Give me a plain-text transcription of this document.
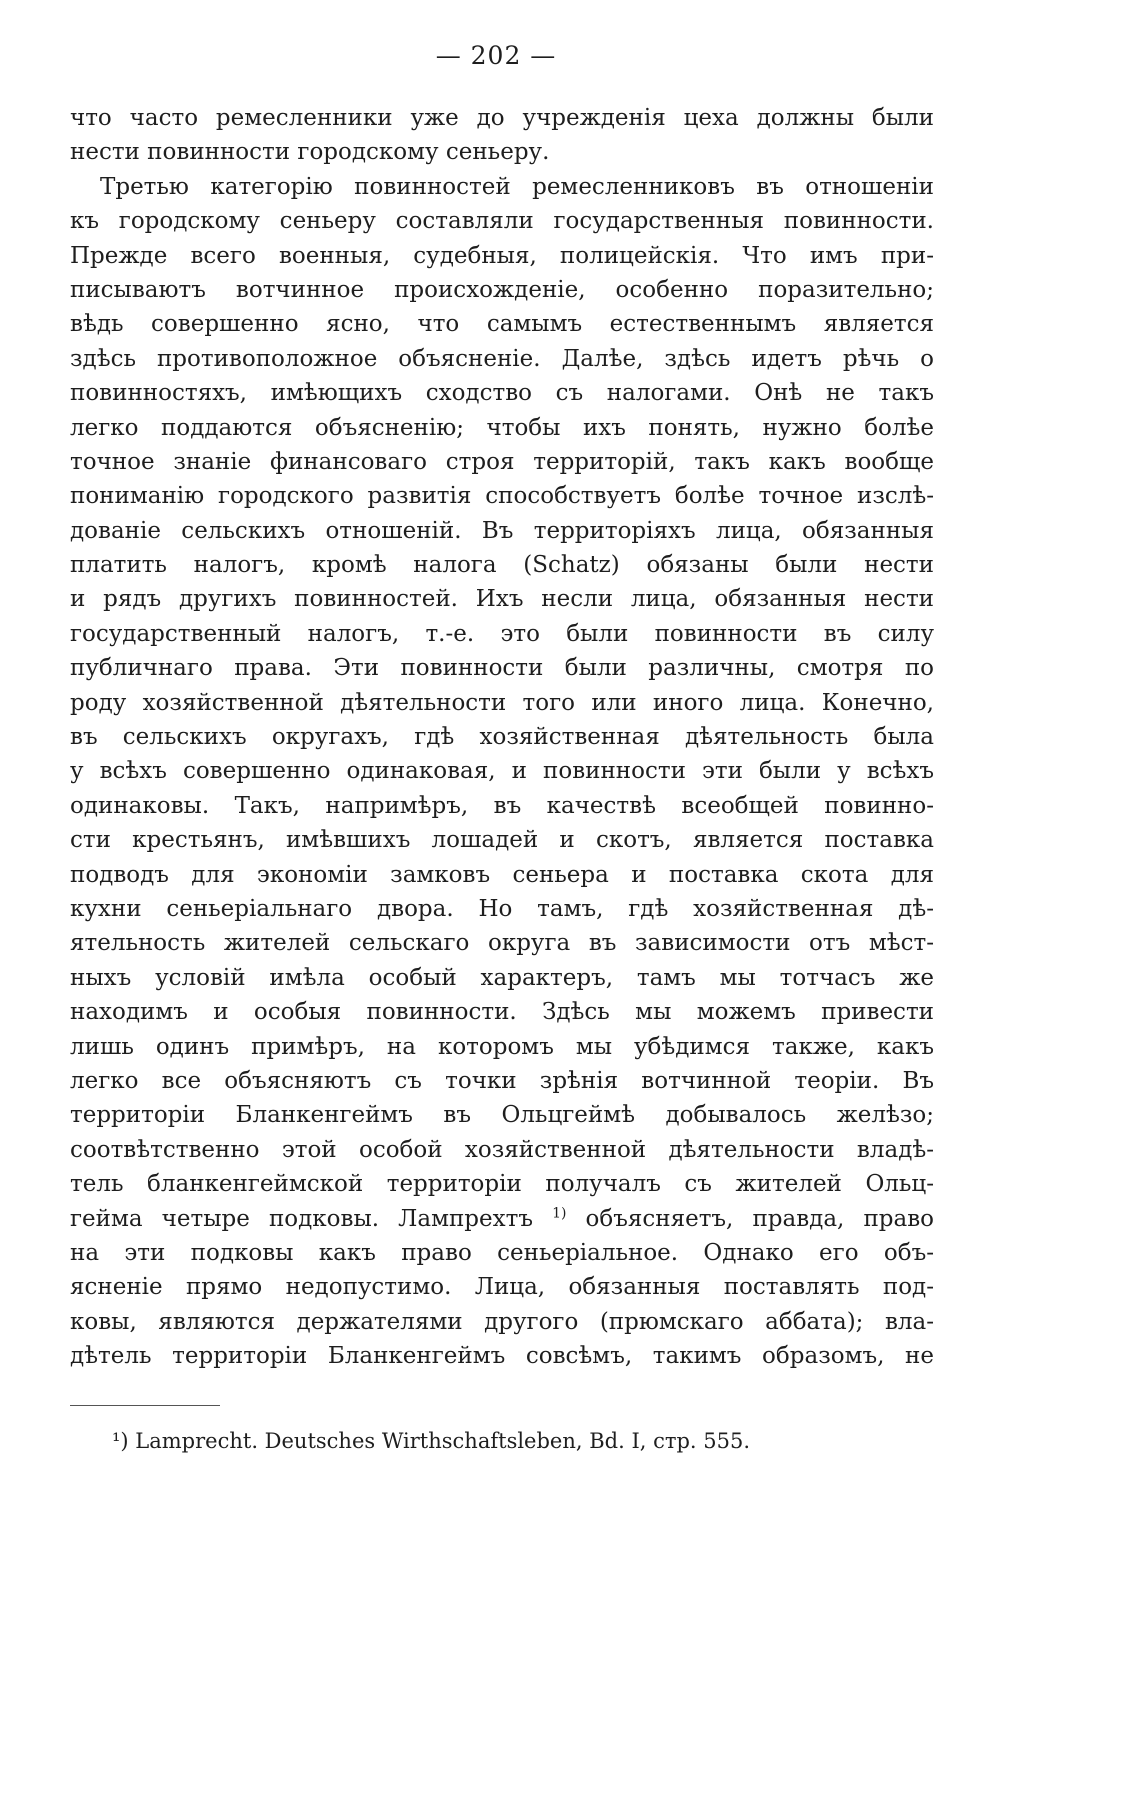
— 202 —
что часто ремесленники уже до учрежденія цеха должны были
нести повинности городскому сеньеру.
Третью категорію повинностей ремесленниковъ въ отношеніи
къ городскому сеньеру составляли государственныя повинности.
Прежде всего военныя, судебныя, полицейскія. Что имъ при-
писываютъ вотчинное происхожденіе, особенно поразительно;
вѣдь совершенно ясно, что самымъ естественнымъ является
здѣсь противоположное объясненіе. Далѣе, здѣсь идетъ рѣчь о
повинностяхъ, имѣющихъ сходство съ налогами. Онѣ не такъ
легко поддаются объясненію; чтобы ихъ понять, нужно болѣе
точное знаніе финансоваго строя территорій, такъ какъ вообще
пониманію городского развитія способствуетъ болѣе точное изслѣ-
дованіе сельскихъ отношеній. Въ территоріяхъ лица, обязанныя
платить налогъ, кромѣ налога (Schatz) обязаны были нести
и рядъ другихъ повинностей. Ихъ несли лица, обязанныя нести
государственный налогъ, т.-е. это были повинности въ силу
публичнаго права. Эти повинности были различны, смотря по
роду хозяйственной дѣятельности того или иного лица. Конечно,
въ сельскихъ округахъ, гдѣ хозяйственная дѣятельность была
у всѣхъ совершенно одинаковая, и повинности эти были у всѣхъ
одинаковы. Такъ, напримѣръ, въ качествѣ всеобщей повинно-
сти крестьянъ, имѣвшихъ лошадей и скотъ, является поставка
подводъ для экономіи замковъ сеньера и поставка скота для
кухни сеньеріальнаго двора. Но тамъ, гдѣ хозяйственная дѣ-
ятельность жителей сельскаго округа въ зависимости отъ мѣст-
ныхъ условій имѣла особый характеръ, тамъ мы тотчасъ же
находимъ и особыя повинности. Здѣсь мы можемъ привести
лишь одинъ примѣръ, на которомъ мы убѣдимся также, какъ
легко все объясняютъ съ точки зрѣнія вотчинной теоріи. Въ
территоріи Бланкенгеймъ въ Ольцгеймѣ добывалось желѣзо;
соотвѣтственно этой особой хозяйственной дѣятельности владѣ-
тель бланкенгеймской территоріи получалъ съ жителей Ольц-
гейма четыре подковы. Лампрехтъ $^{1)}$ объясняетъ, правда, право
на эти подковы какъ право сеньеріальное. Однако его объ-
ясненіе прямо недопустимо. Лица, обязанныя поставлять под-
ковы, являются держателями другого (прюмскаго аббата); вла-
дѣтель территоріи Бланкенгеймъ совсѣмъ, такимъ образомъ, не
¹) Lamprecht. Deutsches Wirthschaftsleben, Bd. I, стр. 555.
